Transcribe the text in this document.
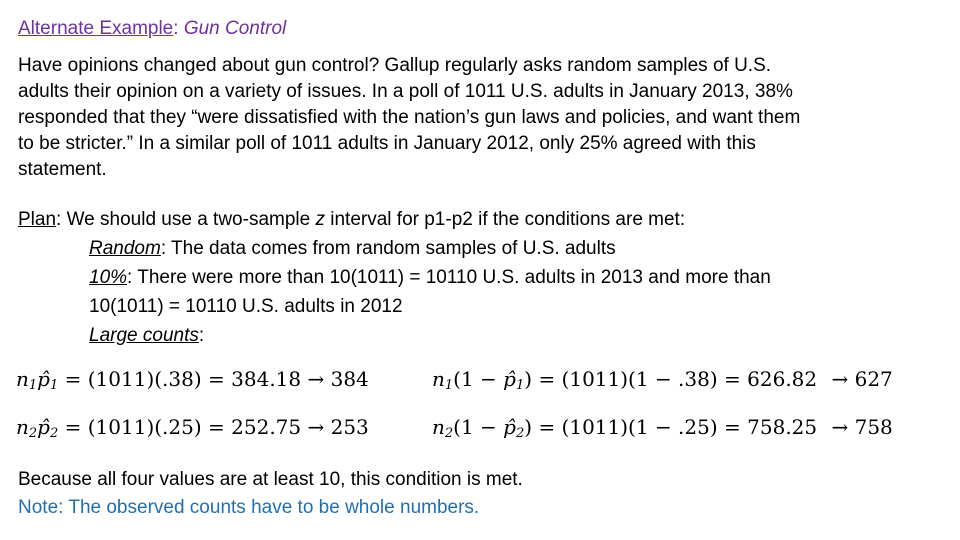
Alternate Example: Gun Control
Have opinions changed about gun control? Gallup regularly asks random samples of U.S.
adults their opinion on a variety of issues. In a poll of 1011 U.S. adults in January 2013, 38%
responded that they “were dissatisfied with the nation’s gun laws and policies, and want them
to be stricter.” In a similar poll of 1011 adults in January 2012, only 25% agreed with this
statement.
Plan: We should use a two-sample z interval for p1-p2 if the conditions are met:
Random: The data comes from random samples of U.S. adults
10%: There were more than 10(1011) = 10110 U.S. adults in 2013 and more than
10(1011) = 10110 U.S. adults in 2012
Large counts:
$n_1p̂_1 = (1011)(.38) = 384.18 \to 384$
$n_2p̂_2 = (1011)(.25) = 252.75 \to 253$
$n_1(1$ − $p̂_1) = (1011)(1 - .38) = 626.82 \to 627$
$n_2(1$ − $p̂_2) = (1011)(1 - .25) = 758.25 \to 758$
Because all four values are at least 10, this condition is met.
Note: The observed counts have to be whole numbers.
